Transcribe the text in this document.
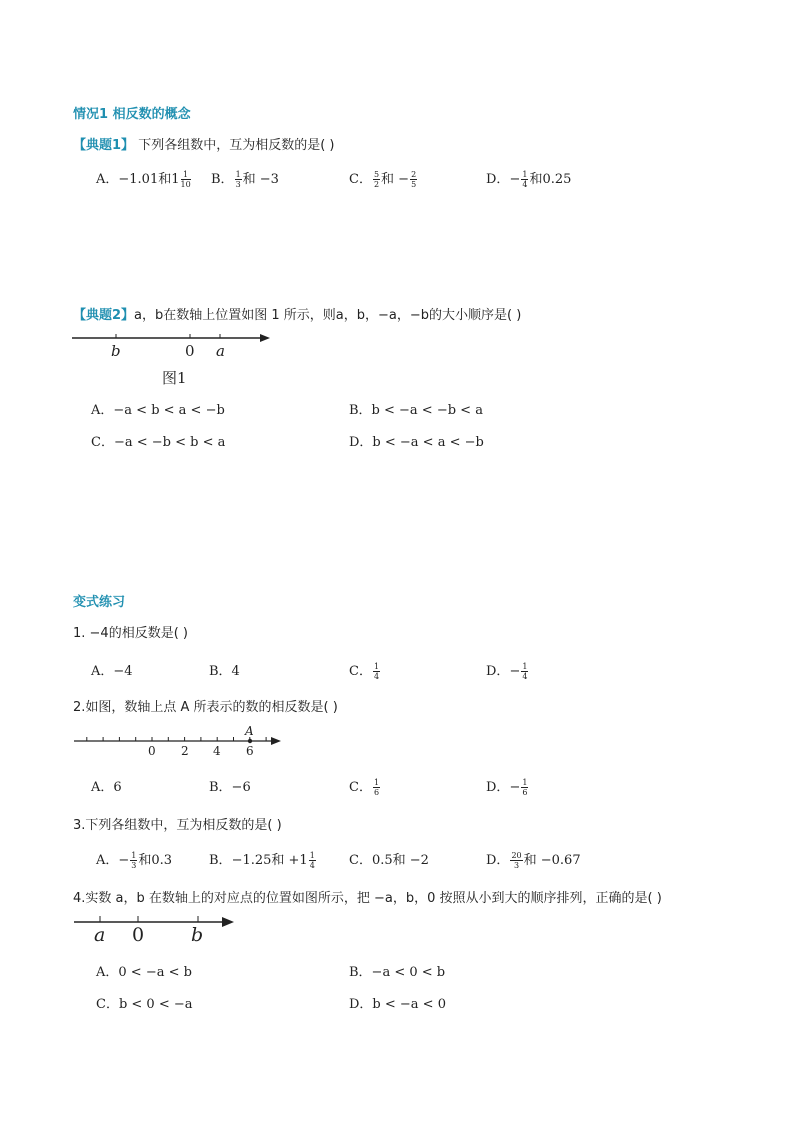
情况1 相反数的概念
【典题1】 下列各组数中，互为相反数的是( )
A．−1.01和$1 \frac{1}{10}$ B． $\frac{1}{3}$ 和 −3	C． $\frac{5}{2}$ 和 − $\frac{2}{5}$	D．− $\frac{1}{4}$ 和0.25
【典题2】a，b在数轴上位置如图 1 所示，则a，b，−a，−b的大小顺序是( )
b	0 a
图1
A．−a < b < a < −b	B．b < −a < −b < a
C．−a < −b < b < a	D．b < −a < a < −b
变式练习
1. −4的相反数是( )
A．−4	B．4	C． $\frac{1}{4}$	D．− $\frac{1}{4}$
2.如图，数轴上点 A 所表示的数的相反数是( )
A
0 2 4 6
A．6	B．−6	C． $\frac{1}{6}$	D．− $\frac{1}{6}$
3.下列各组数中，互为相反数的是( )
A．− $\frac{1}{3}$ 和0.3	B．−1.25和 $+1 \frac{1}{4}$	C．0.5和 −2	D． $\frac{20}{3}$ 和 −0.67
4.实数 a，b 在数轴上的对应点的位置如图所示，把 −a，b，0 按照从小到大的顺序排列，正确的是( )
a 0 b
A．0 < −a < b	B．−a < 0 < b
C．b < 0 < −a	D．b < −a < 0
